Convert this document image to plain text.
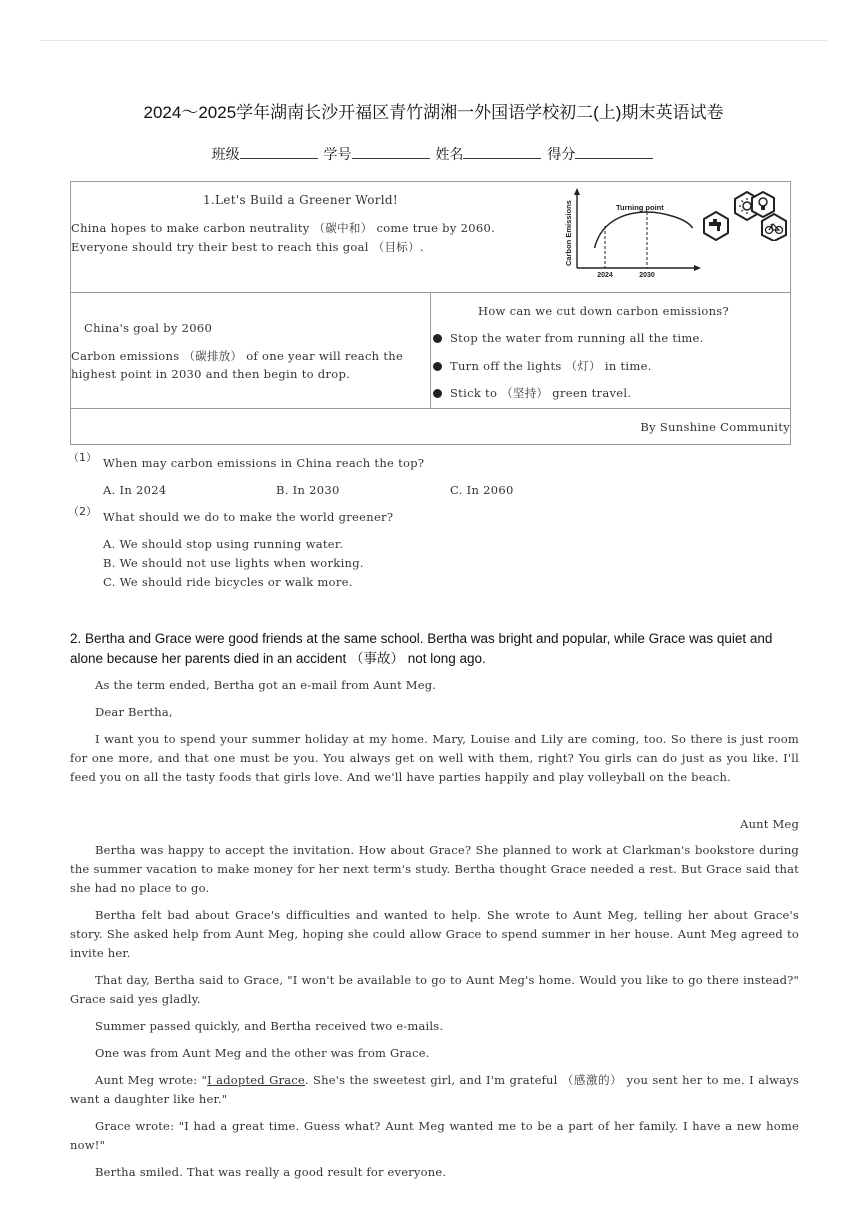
2024～2025学年湖南长沙开福区青竹湖湘一外国语学校初二(上)期末英语试卷
班级	学号	姓名	得分
1.Let's Build a Greener World!
China hopes to make carbon neutrality （碳中和） come true by 2060.
Everyone should try their best to reach this goal （目标）.	Carbon Emissions	Turning point
2024	2030
China's goal by 2060
Carbon emissions （碳排放） of one year will reach the
highest point in 2030 and then begin to drop.
How can we cut down carbon emissions?
Stop the water from running all the time.
Turn off the lights （灯） in time.
Stick to （坚持） green travel.
By Sunshine Community
（1） When may carbon emissions in China reach the top?
A. In 2024	B. In 2030	C. In 2060
（2） What should we do to make the world greener?
A. We should stop using running water.
B. We should not use lights when working.
C. We should ride bicycles or walk more.
2. Bertha and Grace were good friends at the same school. Bertha was bright and popular, while Grace was quiet and alone because her parents died in an accident （事故） not long ago.
As the term ended, Bertha got an e-mail from Aunt Meg.
Dear Bertha,
I want you to spend your summer holiday at my home. Mary, Louise and Lily are coming, too. So there is just room for one more, and that one must be you. You always get on well with them, right? You girls can do just as you like. I'll feed you on all the tasty foods that girls love. And we'll have parties happily and play volleyball on the beach.
Aunt Meg
Bertha was happy to accept the invitation. How about Grace? She planned to work at Clarkman's bookstore during the summer vacation to make money for her next term's study. Bertha thought Grace needed a rest. But Grace said that she had no place to go.
Bertha felt bad about Grace's difficulties and wanted to help. She wrote to Aunt Meg, telling her about Grace's story. She asked help from Aunt Meg, hoping she could allow Grace to spend summer in her house. Aunt Meg agreed to invite her.
That day, Bertha said to Grace, "I won't be available to go to Aunt Meg's home. Would you like to go there instead?" Grace said yes gladly.
Summer passed quickly, and Bertha received two e-mails.
One was from Aunt Meg and the other was from Grace.
Aunt Meg wrote: "I adopted Grace. She's the sweetest girl, and I'm grateful （感激的） you sent her to me. I always want a daughter like her."
Grace wrote: "I had a great time. Guess what? Aunt Meg wanted me to be a part of her family. I have a new home now!"
Bertha smiled. That was really a good result for everyone.
